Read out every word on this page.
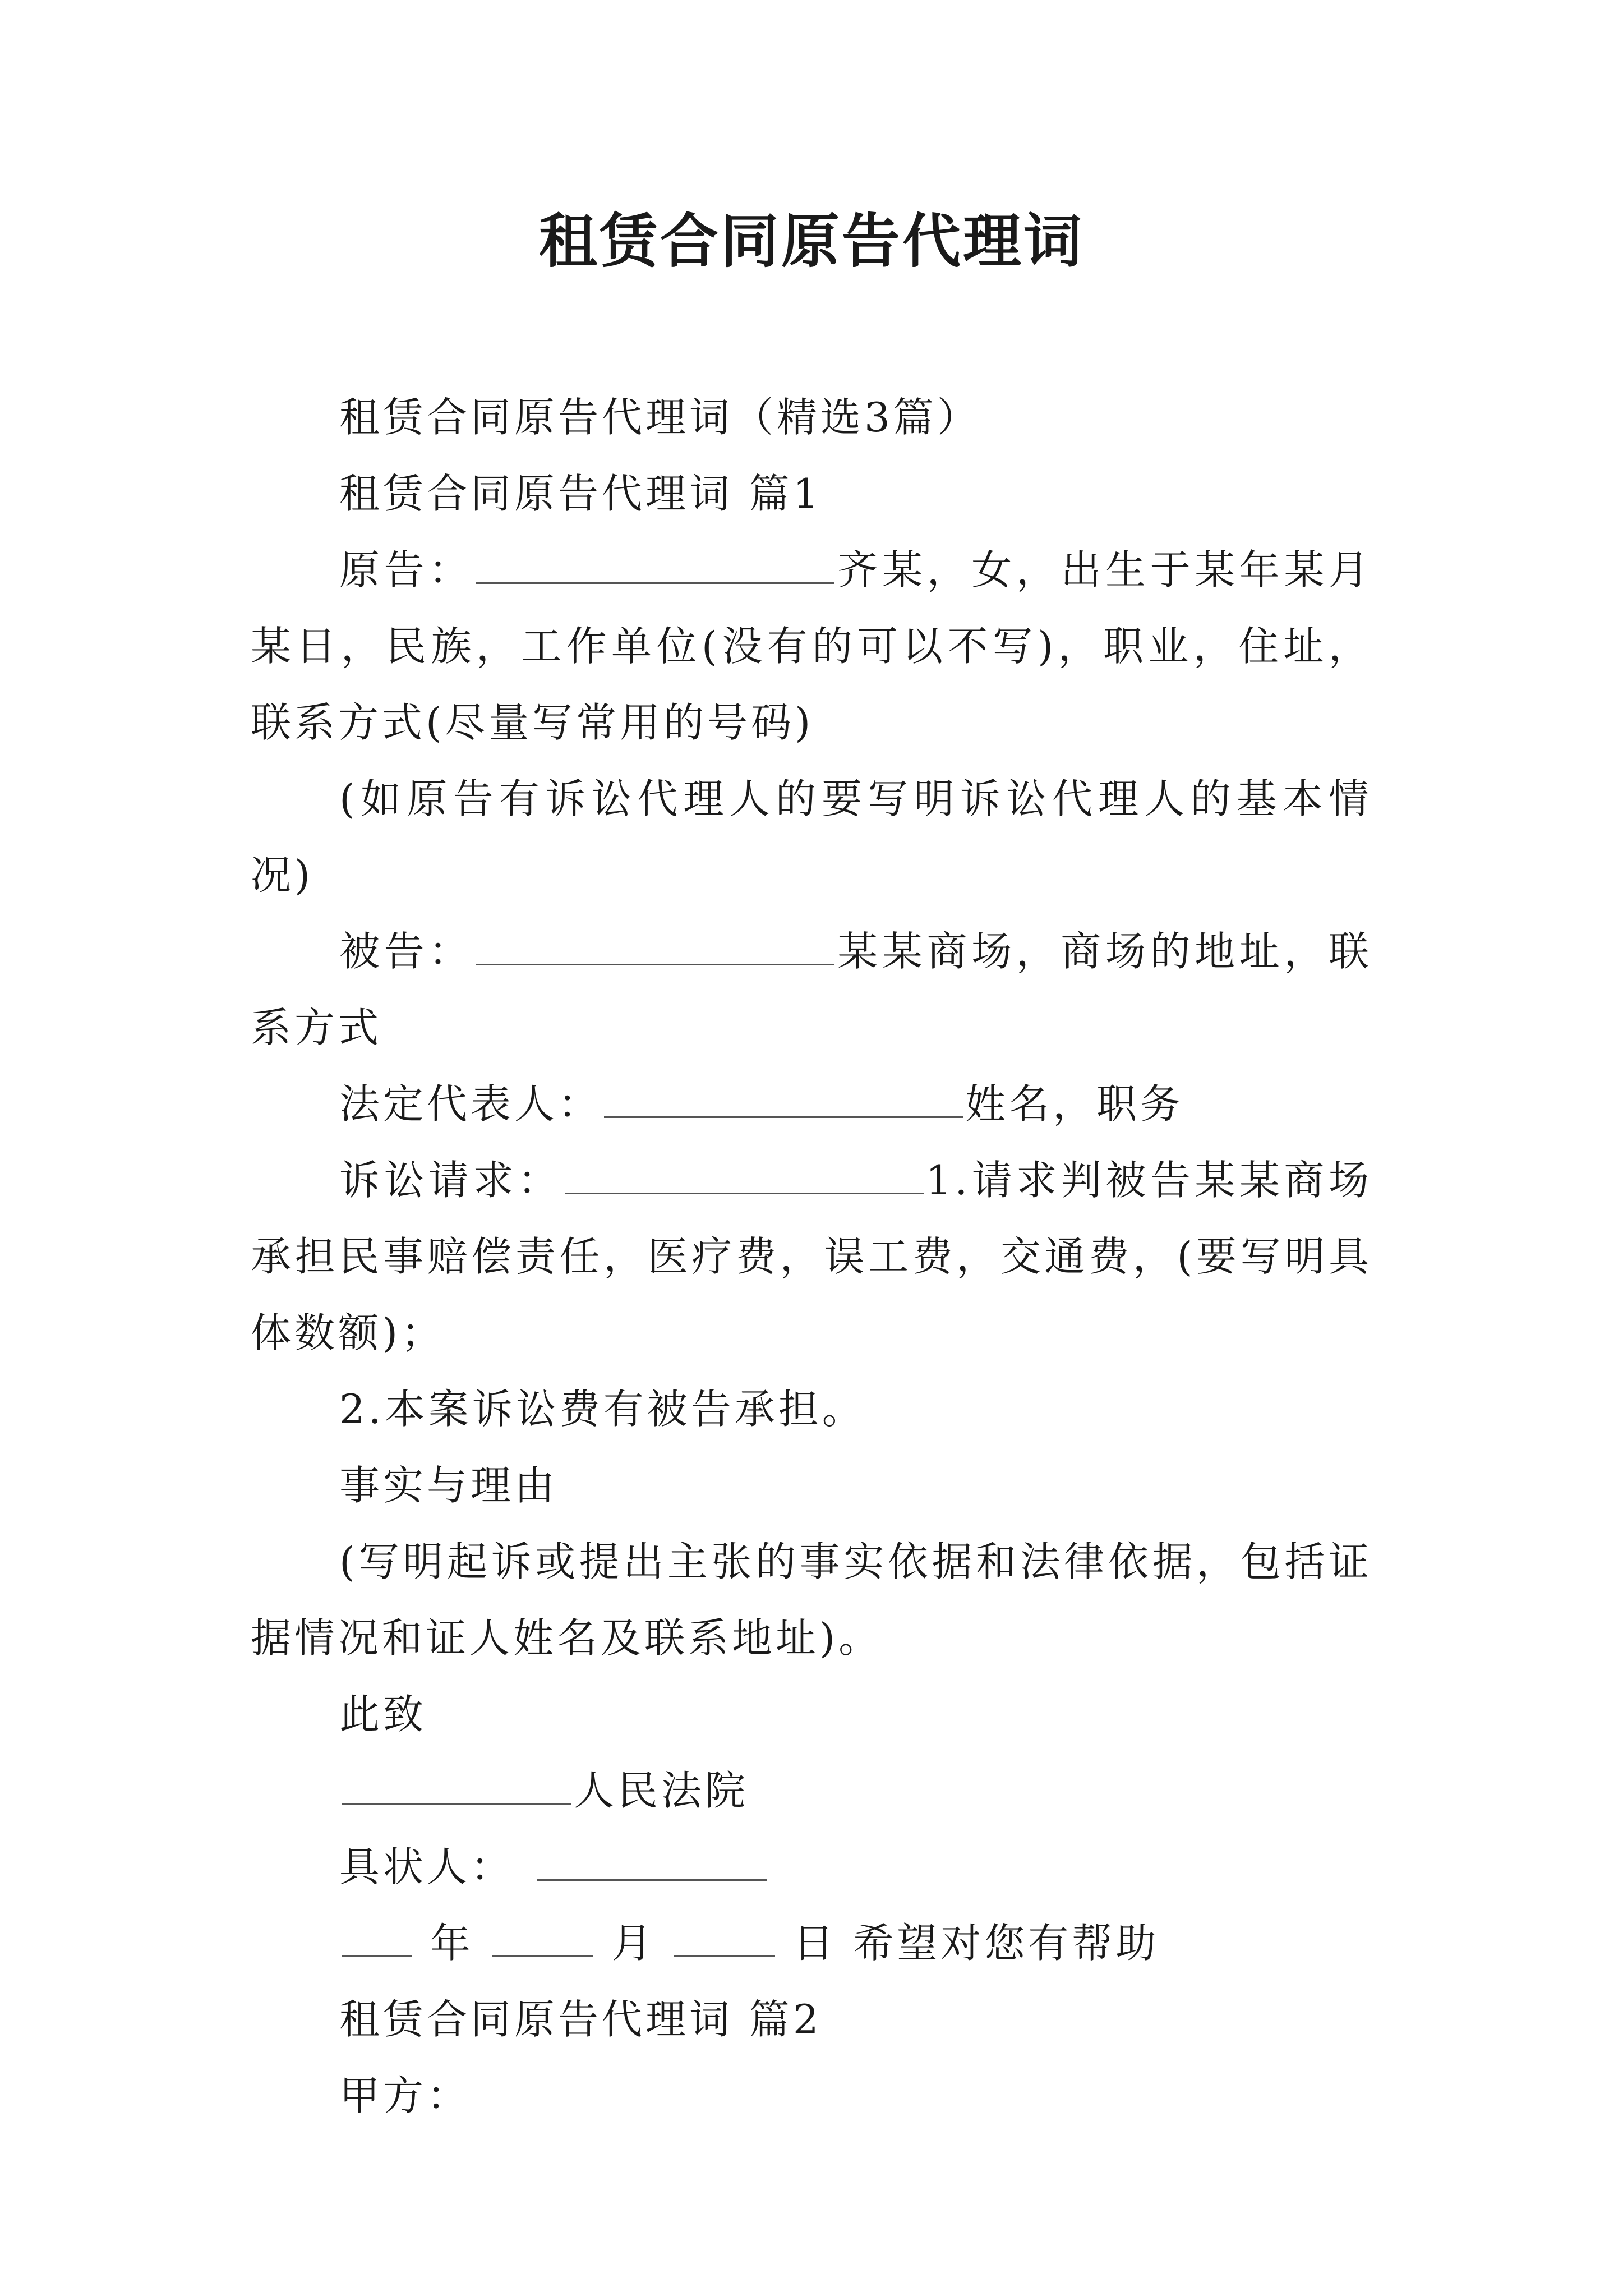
租赁合同原告代理词

租赁合同原告代理词（精选3篇）

租赁合同原告代理词 篇1

原告：	齐某，女，出生于某年某月某日，民族，工作单位(没有的可以不写)，职业，住址，联系方式(尽量写常用的号码)

(如原告有诉讼代理人的要写明诉讼代理人的基本情况)

被告：	某某商场，商场的地址，联系方式

法定代表人：	姓名，职务

诉讼请求：	1.请求判被告某某商场承担民事赔偿责任，医疗费，误工费，交通费，(要写明具体数额)；

2.本案诉讼费有被告承担。

事实与理由

(写明起诉或提出主张的事实依据和法律依据，包括证据情况和证人姓名及联系地址)。

此致

人民法院

具状人：

年	月	日 希望对您有帮助

租赁合同原告代理词 篇2

甲方：
